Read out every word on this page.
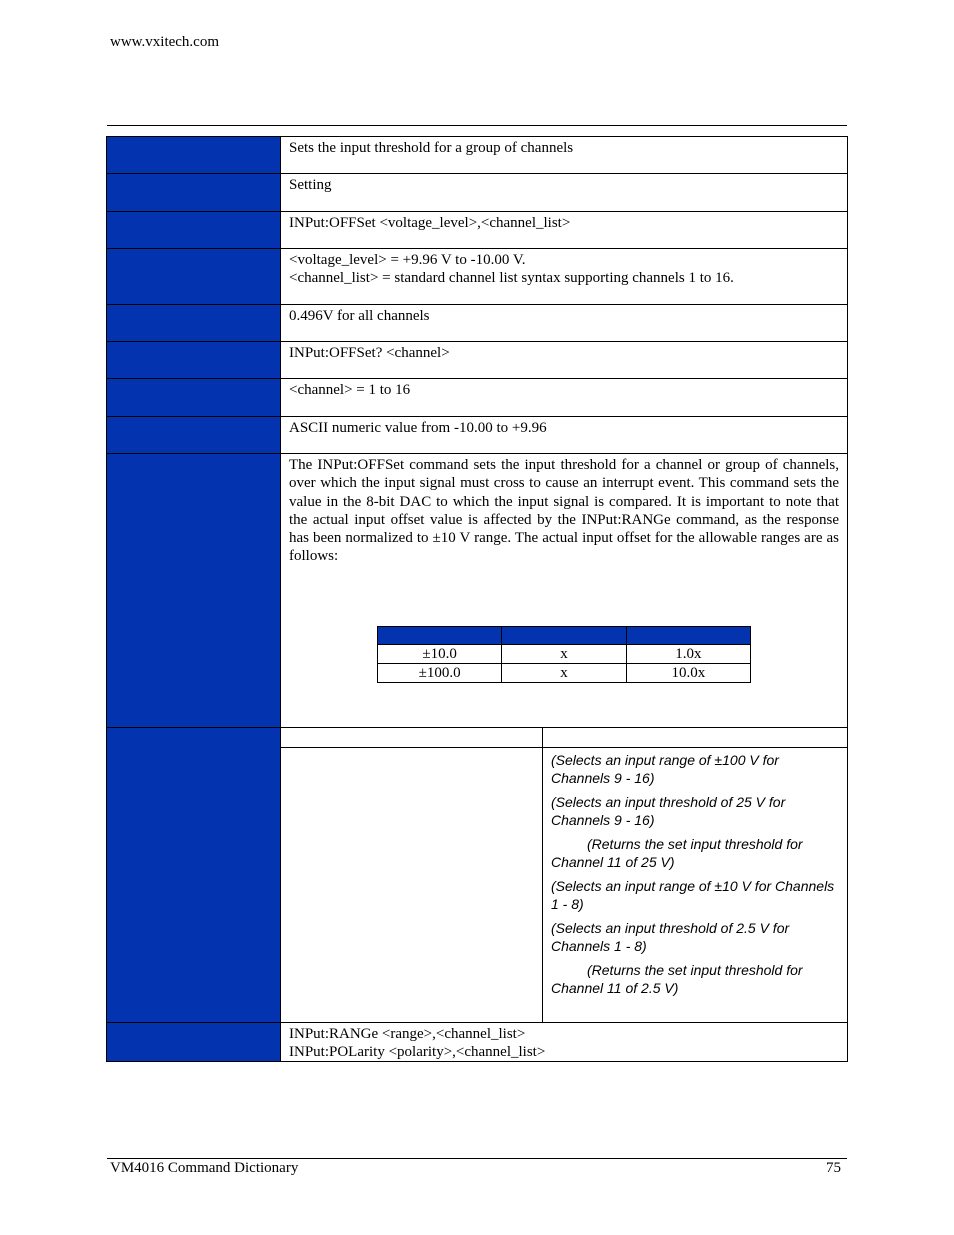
www.vxitech.com
	Sets the input threshold for a group of channels
	Setting
	INPut:OFFSet <voltage_level>,<channel_list>

<voltage_level> = +9.96 V to -10.00 V.
<channel_list> = standard channel list syntax supporting channels 1 to 16.

	0.496V for all channels
	INPut:OFFSet? <channel>
	<channel> = 1 to 16
	ASCII numeric value from -10.00 to +9.96

The INPut:OFFSet command sets the input threshold for a channel or group of channels, over which the input signal must cross to cause an interrupt event. This command sets the value in the 8-bit DAC to which the input signal is compared. It is important to note that the actual input offset value is affected by the INPut:RANGe command, as the response has been normalized to ±10 V range. The actual input offset for the allowable ranges are as follows:

±10.0	x	1.0x
±100.0	x	10.0x

(Selects an input range of ±100 V for Channels 9 - 16)
(Selects an input threshold of 25 V for Channels 9 - 16)
(Returns the set input threshold for Channel 11 of 25 V)
(Selects an input range of ±10 V for Channels 1 - 8)
(Selects an input threshold of 2.5 V for Channels 1 - 8)
(Returns the set input threshold for Channel 11 of 2.5 V)

INPut:RANGe <range>,<channel_list>
INPut:POLarity <polarity>,<channel_list>
VM4016 Command Dictionary	75
